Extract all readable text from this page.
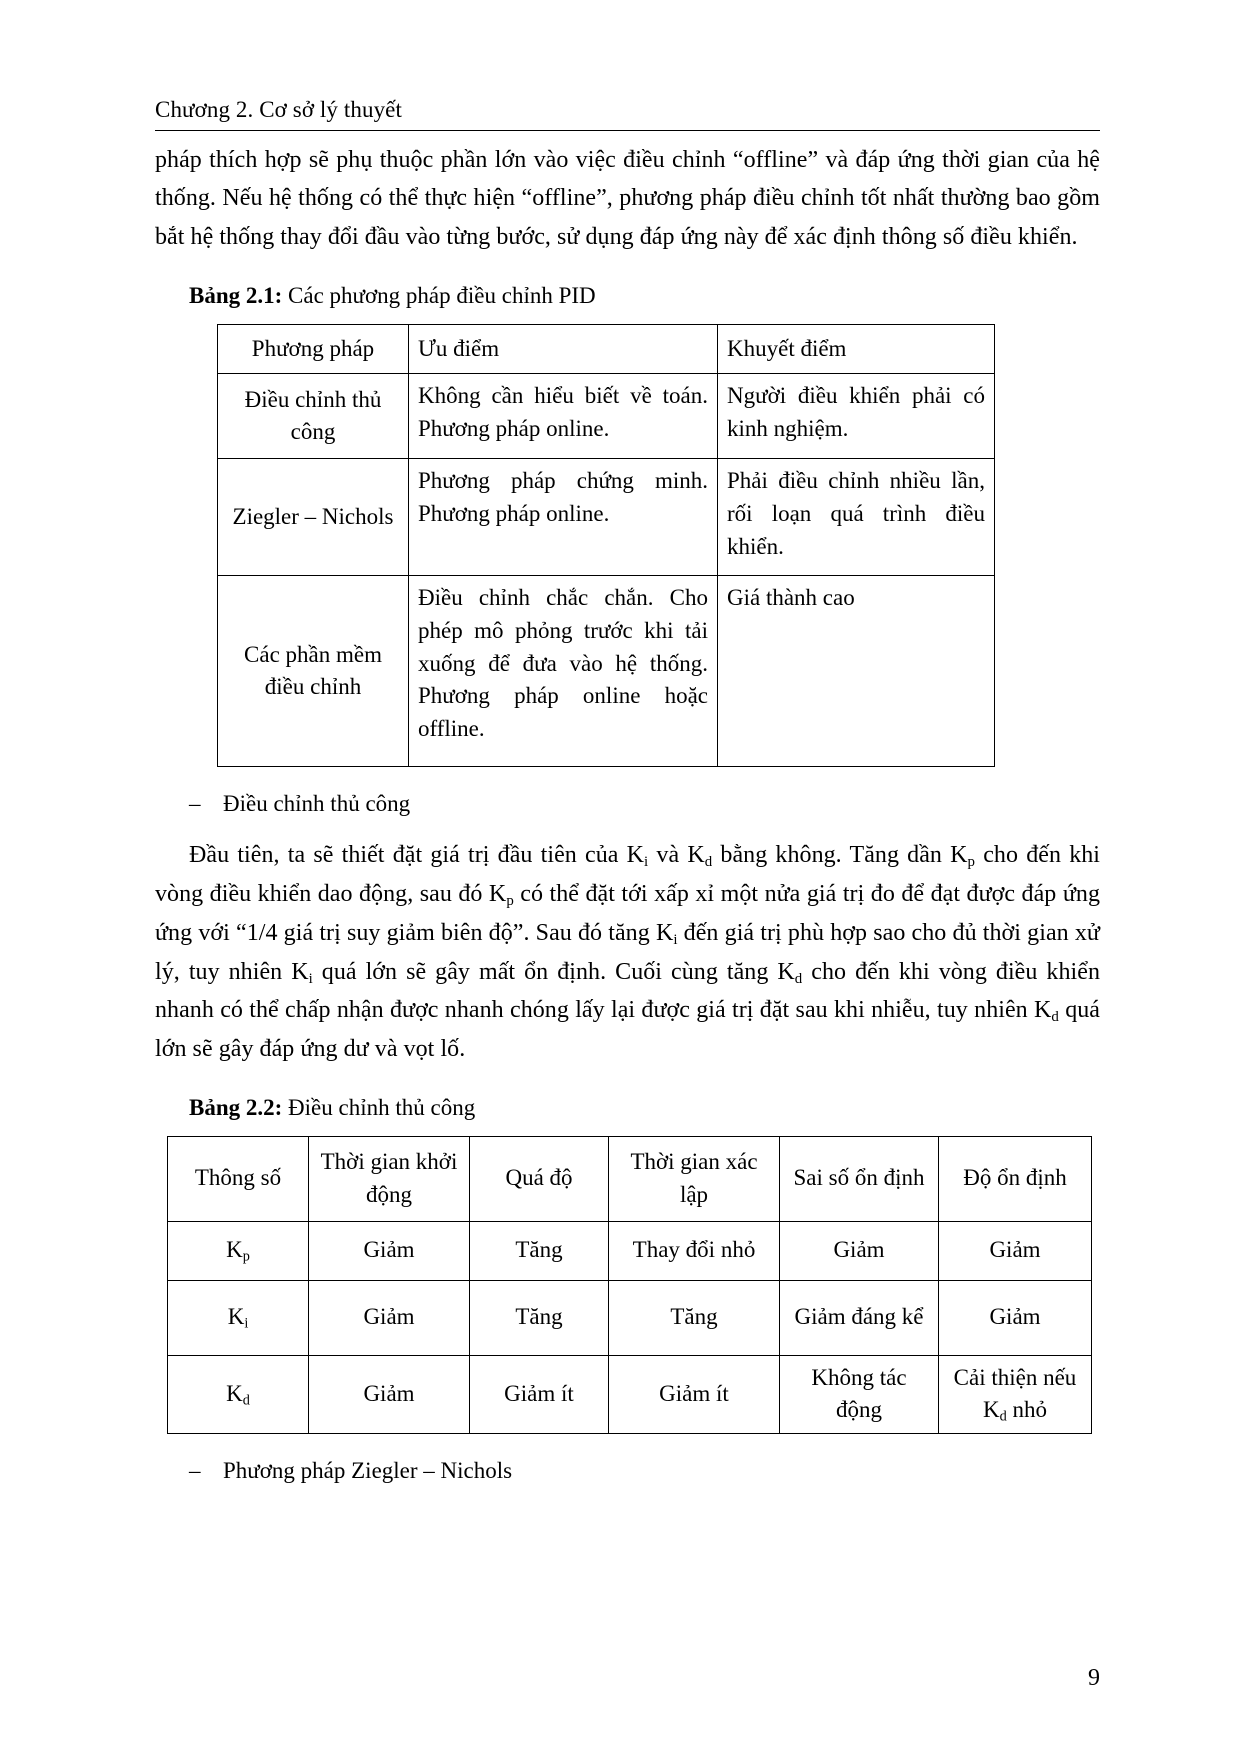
Chương 2. Cơ sở lý thuyết

pháp thích hợp sẽ phụ thuộc phần lớn vào việc điều chỉnh “offline” và đáp ứng thời gian của hệ thống. Nếu hệ thống có thể thực hiện “offline”, phương pháp điều chỉnh tốt nhất thường bao gồm bắt hệ thống thay đổi đầu vào từng bước, sử dụng đáp ứng này để xác định thông số điều khiển.

Bảng 2.1: Các phương pháp điều chỉnh PID
Phương pháp	Ưu điểm	Khuyết điểm
Điều chỉnh thủ công	Không cần hiểu biết về toán. Phương pháp online.	Người điều khiển phải có kinh nghiệm.
Ziegler – Nichols	Phương pháp chứng minh. Phương pháp online.	Phải điều chỉnh nhiều lần, rối loạn quá trình điều khiển.
Các phần mềm điều chỉnh	Điều chỉnh chắc chắn. Cho phép mô phỏng trước khi tải xuống để đưa vào hệ thống. Phương pháp online hoặc offline.	Giá thành cao
– Điều chỉnh thủ công

Đầu tiên, ta sẽ thiết đặt giá trị đầu tiên của $K_i$ và $K_d$ bằng không. Tăng dần $K_p$ cho đến khi vòng điều khiển dao động, sau đó $K_p$ có thể đặt tới xấp xỉ một nửa giá trị đo để đạt được đáp ứng ứng với “1/4 giá trị suy giảm biên độ”. Sau đó tăng $K_i$ đến giá trị phù hợp sao cho đủ thời gian xử lý, tuy nhiên $K_i$ quá lớn sẽ gây mất ổn định. Cuối cùng tăng $K_d$ cho đến khi vòng điều khiển nhanh có thể chấp nhận được nhanh chóng lấy lại được giá trị đặt sau khi nhiễu, tuy nhiên $K_d$ quá lớn sẽ gây đáp ứng dư và vọt lố.

Bảng 2.2: Điều chỉnh thủ công
Thông số	Thời gian khởi động	Quá độ	Thời gian xác lập	Sai số ổn định	Độ ổn định
$K_p$	Giảm	Tăng	Thay đổi nhỏ	Giảm	Giảm
$K_i$	Giảm	Tăng	Tăng	Giảm đáng kể	Giảm
$K_d$	Giảm	Giảm ít	Giảm ít	Không tác động	Cải thiện nếu $K_d$ nhỏ
– Phương pháp Ziegler – Nichols
9
